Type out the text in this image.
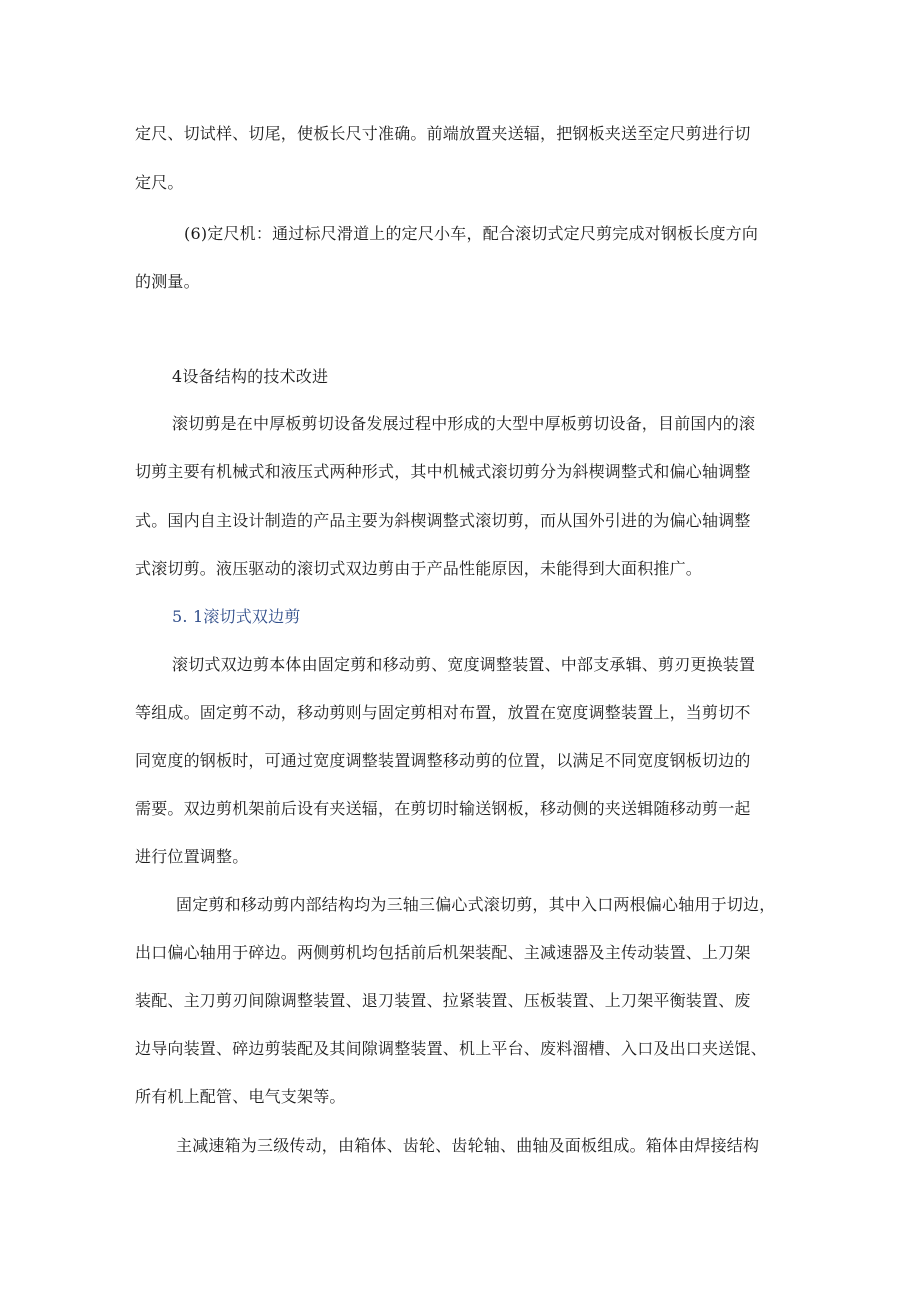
定尺、切试样、切尾，使板长尺寸准确。前端放置夹送辐，把钢板夹送至定尺剪进行切
定尺。
(6)定尺机：通过标尺滑道上的定尺小车，配合滚切式定尺剪完成对钢板长度方向
的测量。
4设备结构的技术改进
滚切剪是在中厚板剪切设备发展过程中形成的大型中厚板剪切设备，目前国内的滚
切剪主要有机械式和液压式两种形式，其中机械式滚切剪分为斜楔调整式和偏心轴调整
式。国内自主设计制造的产品主要为斜楔调整式滚切剪，而从国外引进的为偏心轴调整
式滚切剪。液压驱动的滚切式双边剪由于产品性能原因，未能得到大面积推广。
5. 1滚切式双边剪
滚切式双边剪本体由固定剪和移动剪、宽度调整装置、中部支承辑、剪刃更换装置
等组成。固定剪不动，移动剪则与固定剪相对布置，放置在宽度调整装置上，当剪切不
同宽度的钢板时，可通过宽度调整装置调整移动剪的位置，以满足不同宽度钢板切边的
需要。双边剪机架前后设有夹送辐，在剪切时输送钢板，移动侧的夹送辑随移动剪一起
进行位置调整。
固定剪和移动剪内部结构均为三轴三偏心式滚切剪，其中入口两根偏心轴用于切边，
出口偏心轴用于碎边。两侧剪机均包括前后机架装配、主减速器及主传动装置、上刀架
装配、主刀剪刃间隙调整装置、退刀装置、拉紧装置、压板装置、上刀架平衡装置、废
边导向装置、碎边剪装配及其间隙调整装置、机上平台、废料溜槽、入口及出口夹送馄、
所有机上配管、电气支架等。
主减速箱为三级传动，由箱体、齿轮、齿轮轴、曲轴及面板组成。箱体由焊接结构
